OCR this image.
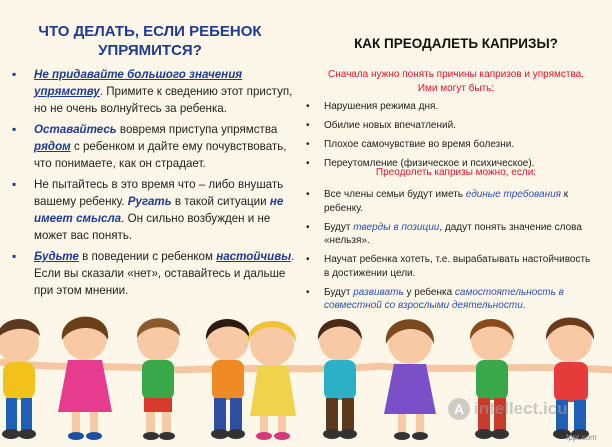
ЧТО ДЕЛАТЬ, ЕСЛИ РЕБЕНОК
УПРЯМИТСЯ?
▪ Не придавайте большого значения упрямству. Примите к сведению этот приступ, но не очень волнуйтесь за ребенка.
▪ Оставайтесь вовремя приступа упрямства рядом с ребенком и дайте ему почувствовать, что понимаете, как он страдает.
▪ Не пытайтесь в это время что – либо внушать вашему ребенку. Ругать в такой ситуации не имеет смысла. Он сильно возбужден и не может вас понять.
▪ Будьте в поведении с ребенком настойчивы. Если вы сказали «нет», оставайтесь и дальше при этом мнении.
КАК ПРЕОДАЛЕТЬ КАПРИЗЫ?
Сначала нужно понять причины капризов и упрямства.
Ими могут быть:
• Нарушения режима дня.
• Обилие новых впечатлений.
• Плохое самочувствие во время болезни.
• Переутомление (физическое и психическое).
Преодолеть капризы можно, если:
• Все члены семьи будут иметь единые требования к ребенку.
• Будут тверды в позиции, дадут понять значение слова «нельзя».
• Научат ребенка хотеть, т.е. вырабатывать настойчивость в достижении цели.
• Будут развивать у ребенка самостоятельность в совместной со взрослыми деятельности.
A intellect.icu
fppt.com
